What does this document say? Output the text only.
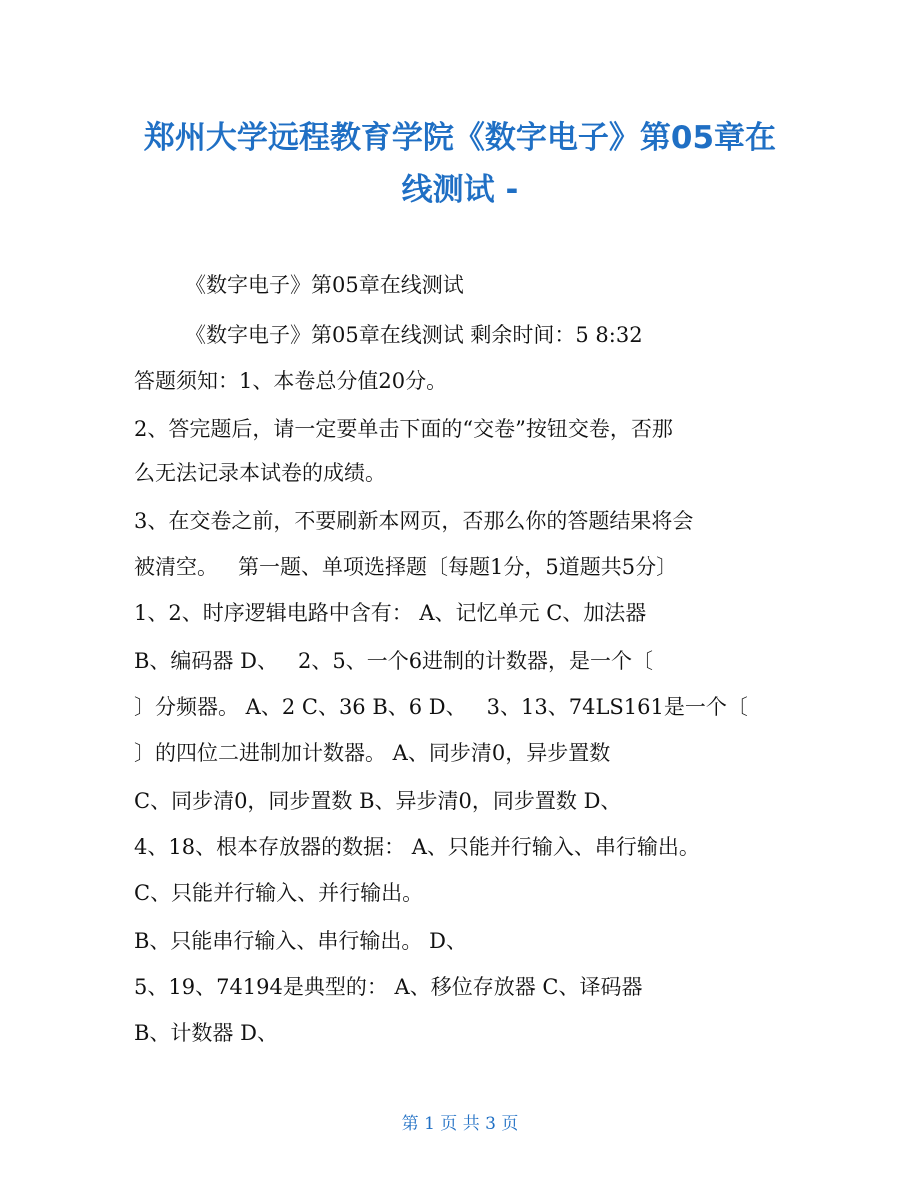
郑州大学远程教育学院《数字电子》第05章在
线测试 -
《数字电子》第05章在线测试
《数字电子》第05章在线测试 剩余时间：5 8:32
答题须知：1、本卷总分值20分。
2、答完题后，请一定要单击下面的“交卷”按钮交卷，否那
么无法记录本试卷的成绩。
3、在交卷之前，不要刷新本网页，否那么你的答题结果将会
被清空。   第一题、单项选择题〔每题1分，5道题共5分〕
1、2、时序逻辑电路中含有： A、记忆单元 C、加法器
B、编码器 D、   2、5、一个6进制的计数器，是一个〔
〕分频器。 A、2 C、36 B、6 D、   3、13、74LS161是一个〔
〕的四位二进制加计数器。 A、同步清0，异步置数
C、同步清0，同步置数 B、异步清0，同步置数 D、
4、18、根本存放器的数据： A、只能并行输入、串行输出。
C、只能并行输入、并行输出。
B、只能串行输入、串行输出。 D、
5、19、74194是典型的： A、移位存放器 C、译码器
B、计数器 D、
第 1 页 共 3 页
